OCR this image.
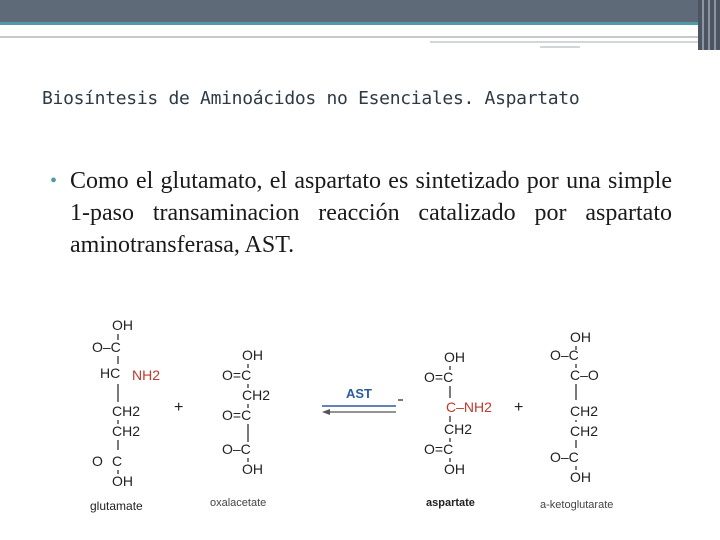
Biosíntesis de Aminoácidos no Esenciales. Aspartato
• Como el glutamato, el aspartato es sintetizado por una simple 1-paso transaminacion reacción catalizado por aspartato aminotransferasa, AST.

OH
O–C
HC NH2
CH2
CH2
O C
OH
glutamate
+
OH
O=C
CH2
O=C
O–C
OH
oxalacetate
AST
OH
O=C
C–NH2
CH2
O=C
OH
aspartate
+
OH
O–C
C–O
CH2
CH2
O–C
OH
a-ketoglutarate
